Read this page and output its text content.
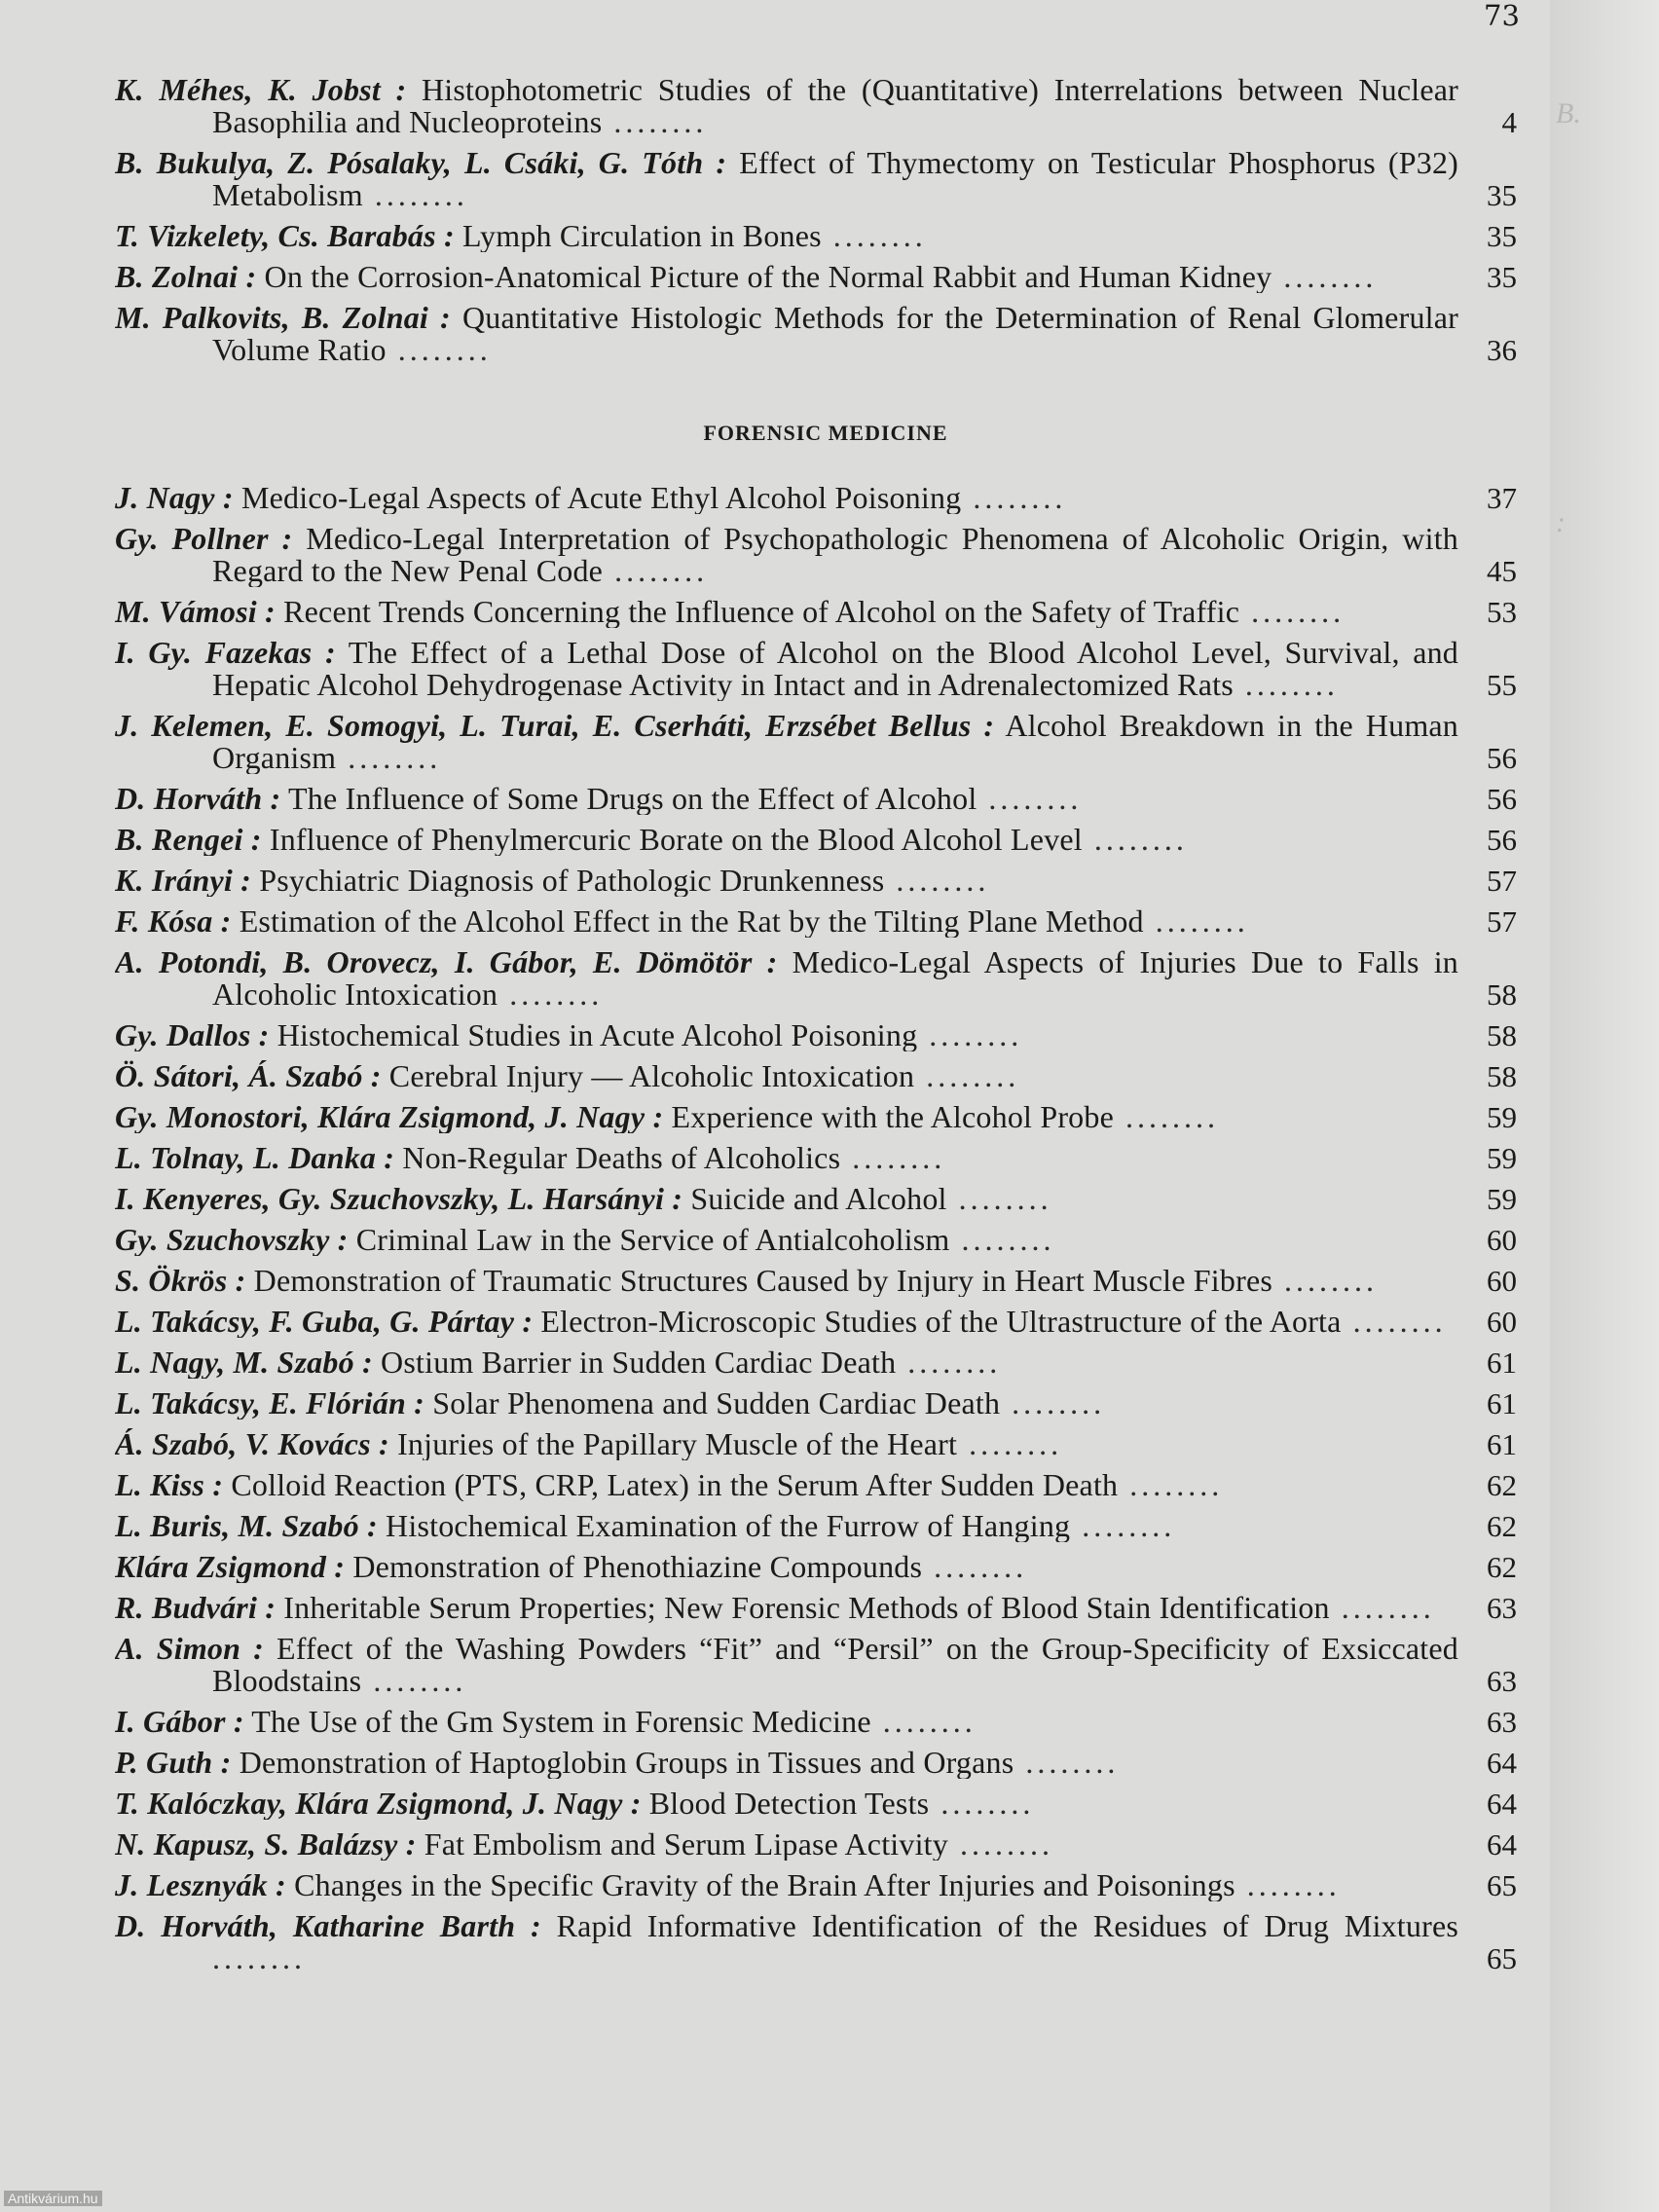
B.
:
73
K. Méhes, K. Jobst : Histophotometric Studies of the (Quantitative) Interrelations between Nuclear Basophilia and Nucleoproteins ........	4
B. Bukulya, Z. Pósalaky, L. Csáki, G. Tóth : Effect of Thymectomy on Testicular Phosphorus (P32) Metabolism ........	35
T. Vizkelety, Cs. Barabás : Lymph Circulation in Bones ........	35
B. Zolnai : On the Corrosion-Anatomical Picture of the Normal Rabbit and Human Kidney ........	35
M. Palkovits, B. Zolnai : Quantitative Histologic Methods for the Determination of Renal Glomerular Volume Ratio ........	36
FORENSIC MEDICINE
J. Nagy : Medico-Legal Aspects of Acute Ethyl Alcohol Poisoning ........	37
Gy. Pollner : Medico-Legal Interpretation of Psychopathologic Phenomena of Alcoholic Origin, with Regard to the New Penal Code ........	45
M. Vámosi : Recent Trends Concerning the Influence of Alcohol on the Safety of Traffic ........	53
I. Gy. Fazekas : The Effect of a Lethal Dose of Alcohol on the Blood Alcohol Level, Survival, and Hepatic Alcohol Dehydrogenase Activity in Intact and in Adrenalectomized Rats ........	55
J. Kelemen, E. Somogyi, L. Turai, E. Cserháti, Erzsébet Bellus : Alcohol Breakdown in the Human Organism ........	56
D. Horváth : The Influence of Some Drugs on the Effect of Alcohol ........	56
B. Rengei : Influence of Phenylmercuric Borate on the Blood Alcohol Level ........	56
K. Irányi : Psychiatric Diagnosis of Pathologic Drunkenness ........	57
F. Kósa : Estimation of the Alcohol Effect in the Rat by the Tilting Plane Method ........	57
A. Potondi, B. Orovecz, I. Gábor, E. Dömötör : Medico-Legal Aspects of Injuries Due to Falls in Alcoholic Intoxication ........	58
Gy. Dallos : Histochemical Studies in Acute Alcohol Poisoning ........	58
Ö. Sátori, Á. Szabó : Cerebral Injury — Alcoholic Intoxication ........	58
Gy. Monostori, Klára Zsigmond, J. Nagy : Experience with the Alcohol Probe ........	59
L. Tolnay, L. Danka : Non-Regular Deaths of Alcoholics ........	59
I. Kenyeres, Gy. Szuchovszky, L. Harsányi : Suicide and Alcohol ........	59
Gy. Szuchovszky : Criminal Law in the Service of Antialcoholism ........	60
S. Ökrös : Demonstration of Traumatic Structures Caused by Injury in Heart Muscle Fibres ........	60
L. Takácsy, F. Guba, G. Pártay : Electron-Microscopic Studies of the Ultrastructure of the Aorta ........	60
L. Nagy, M. Szabó : Ostium Barrier in Sudden Cardiac Death ........	61
L. Takácsy, E. Flórián : Solar Phenomena and Sudden Cardiac Death ........	61
Á. Szabó, V. Kovács : Injuries of the Papillary Muscle of the Heart ........	61
L. Kiss : Colloid Reaction (PTS, CRP, Latex) in the Serum After Sudden Death ........	62
L. Buris, M. Szabó : Histochemical Examination of the Furrow of Hanging ........	62
Klára Zsigmond : Demonstration of Phenothiazine Compounds ........	62
R. Budvári : Inheritable Serum Properties; New Forensic Methods of Blood Stain Identification ........	63
A. Simon : Effect of the Washing Powders “Fit” and “Persil” on the Group-Specificity of Exsiccated Bloodstains ........	63
I. Gábor : The Use of the Gm System in Forensic Medicine ........	63
P. Guth : Demonstration of Haptoglobin Groups in Tissues and Organs ........	64
T. Kalóczkay, Klára Zsigmond, J. Nagy : Blood Detection Tests ........	64
N. Kapusz, S. Balázsy : Fat Embolism and Serum Lipase Activity ........	64
J. Lesznyák : Changes in the Specific Gravity of the Brain After Injuries and Poisonings ........	65
D. Horváth, Katharine Barth : Rapid Informative Identification of the Residues of Drug Mixtures ........	65
Antikvárium.hu
